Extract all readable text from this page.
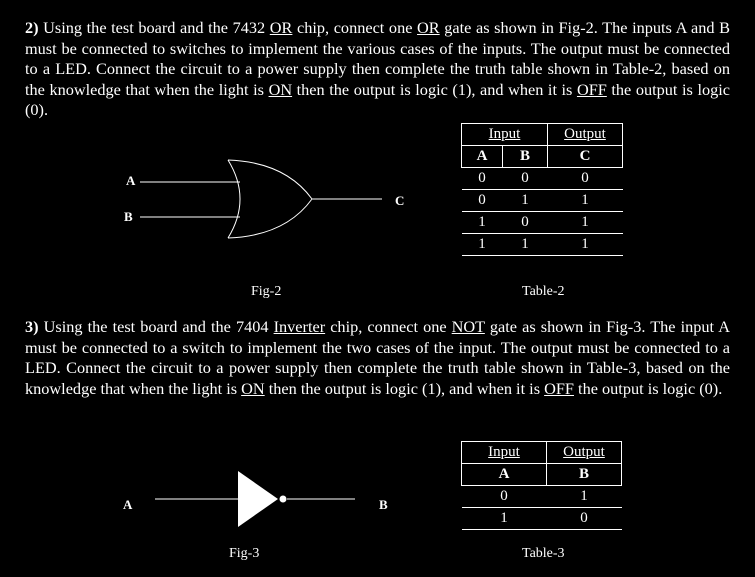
2) Using the test board and the 7432 OR chip, connect one OR gate as shown in Fig-2. The inputs A and B must be connected to switches to implement the various cases of the inputs. The output must be connected to a LED. Connect the circuit to a power supply then complete the truth table shown in Table-2, based on the knowledge that when the light is ON then the output is logic (1), and when it is OFF the output is logic (0).
A
B
C
Input		Output
A	B	C
0	0	0
0	1	1
1	0	1
1	1	1
Fig-2	Table-2
3) Using the test board and the 7404 Inverter chip, connect one NOT gate as shown in Fig-3. The input A must be connected to a switch to implement the two cases of the input. The output must be connected to a LED. Connect the circuit to a power supply then complete the truth table shown in Table-3, based on the knowledge that when the light is ON then the output is logic (1), and when it is OFF the output is logic (0).
A	B
Input	Output
A	B
0	1
1	0
Fig-3	Table-3
